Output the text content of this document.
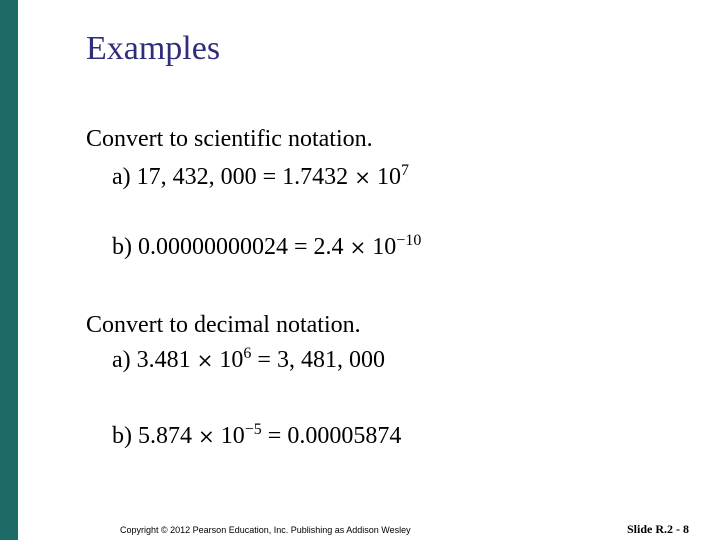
Examples
Convert to scientific notation.
a) 17, 432, $000 = 1.7432 \times 10^7$
b) $0.00000000024 = 2.4 \times 10^{-10}$
Convert to decimal notation.
a) $3.481 \times 10^6 = 3$, 481, 000
b) $5.874 \times 10^{-5} = 0.00005874$
Copyright © 2012 Pearson Education, Inc. Publishing as Addison Wesley	Slide R.2 - 8
